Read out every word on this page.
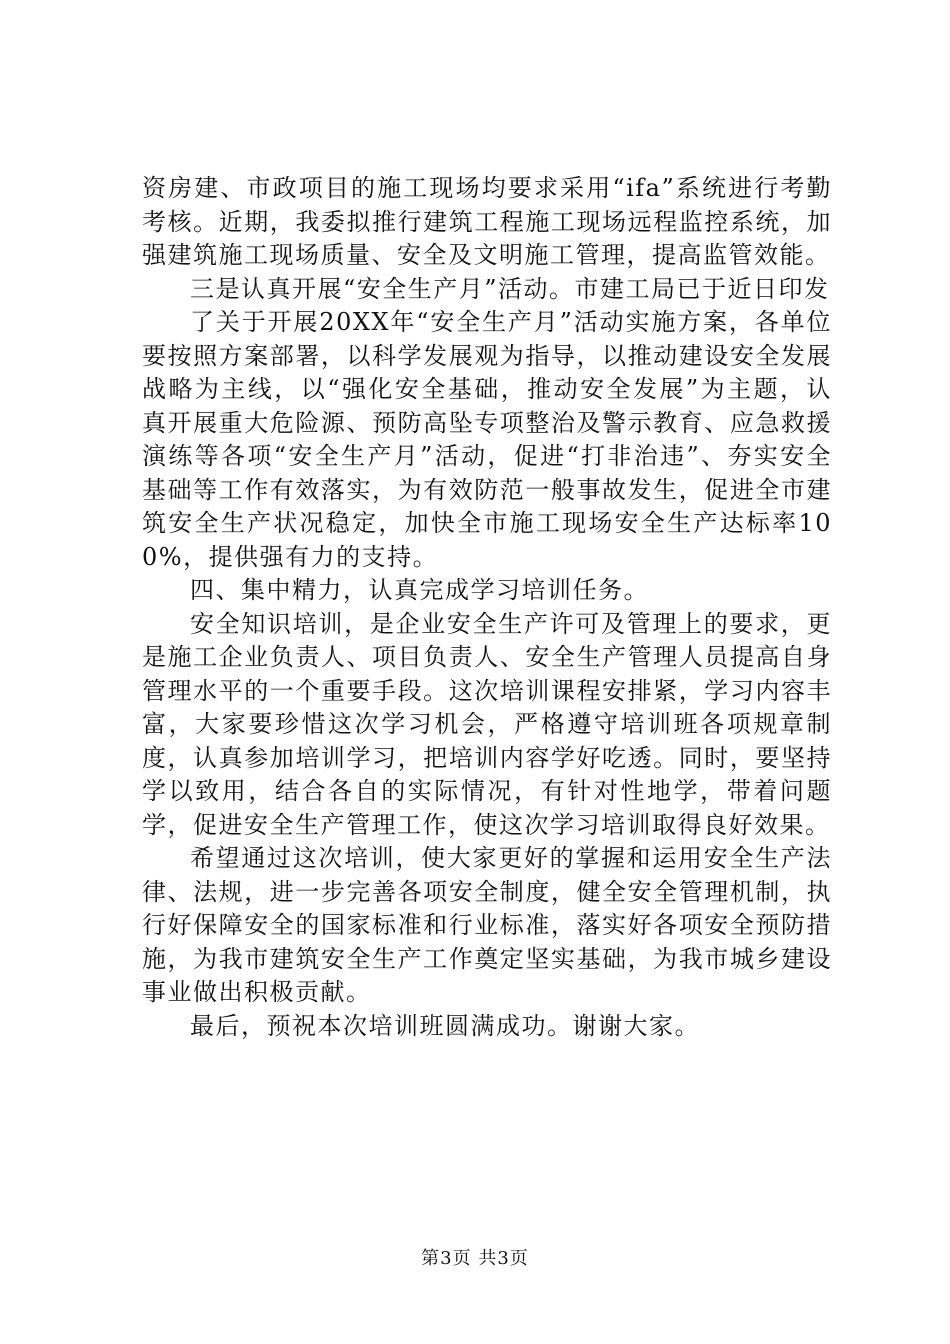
资房建、市政项目的施工现场均要求采用“ifa”系统进行考勤考核。近期，我委拟推行建筑工程施工现场远程监控系统，加强建筑施工现场质量、安全及文明施工管理，提高监管效能。

三是认真开展“安全生产月”活动。市建工局已于近日印发

了关于开展20XX年“安全生产月”活动实施方案，各单位要按照方案部署，以科学发展观为指导，以推动建设安全发展战略为主线，以“强化安全基础，推动安全发展”为主题，认真开展重大危险源、预防高坠专项整治及警示教育、应急救援演练等各项“安全生产月”活动，促进“打非治违”、夯实安全基础等工作有效落实，为有效防范一般事故发生，促进全市建筑安全生产状况稳定，加快全市施工现场安全生产达标率100%，提供强有力的支持。

四、集中精力，认真完成学习培训任务。

安全知识培训，是企业安全生产许可及管理上的要求，更是施工企业负责人、项目负责人、安全生产管理人员提高自身管理水平的一个重要手段。这次培训课程安排紧，学习内容丰富，大家要珍惜这次学习机会，严格遵守培训班各项规章制度，认真参加培训学习，把培训内容学好吃透。同时，要坚持学以致用，结合各自的实际情况，有针对性地学，带着问题学，促进安全生产管理工作，使这次学习培训取得良好效果。

希望通过这次培训，使大家更好的掌握和运用安全生产法律、法规，进一步完善各项安全制度，健全安全管理机制，执行好保障安全的国家标准和行业标准，落实好各项安全预防措施，为我市建筑安全生产工作奠定坚实基础，为我市城乡建设事业做出积极贡献。

最后，预祝本次培训班圆满成功。谢谢大家。

第3页 共3页
